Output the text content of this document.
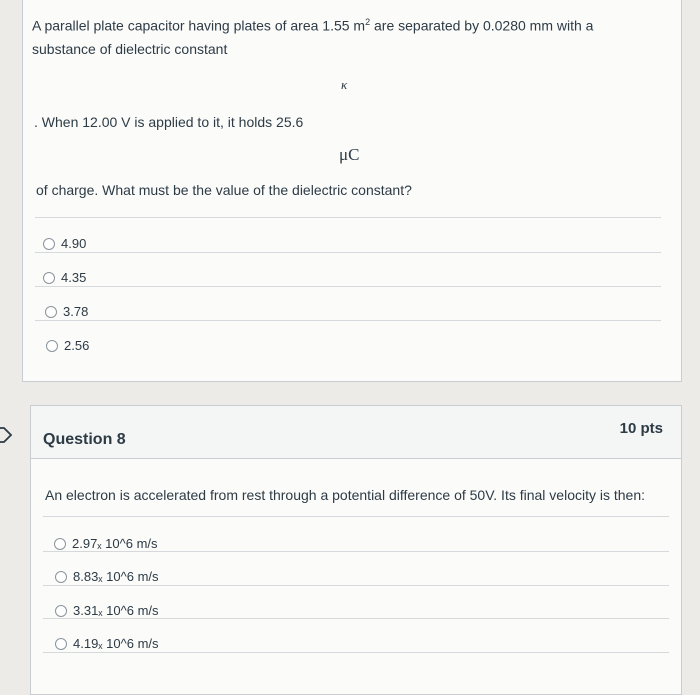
A parallel plate capacitor having plates of area 1.55 $m^2$ are separated by 0.0280 mm with a
substance of dielectric constant
κ
. When 12.00 V is applied to it, it holds 25.6
μC
of charge. What must be the value of the dielectric constant?
4.90
4.35
3.78
2.56
Question 8
10 pts
An electron is accelerated from rest through a potential difference of 50V. Its final velocity is then:
2.97ₓ 10^6 m/s
8.83ₓ 10^6 m/s
3.31ₓ 10^6 m/s
4.19ₓ 10^6 m/s
